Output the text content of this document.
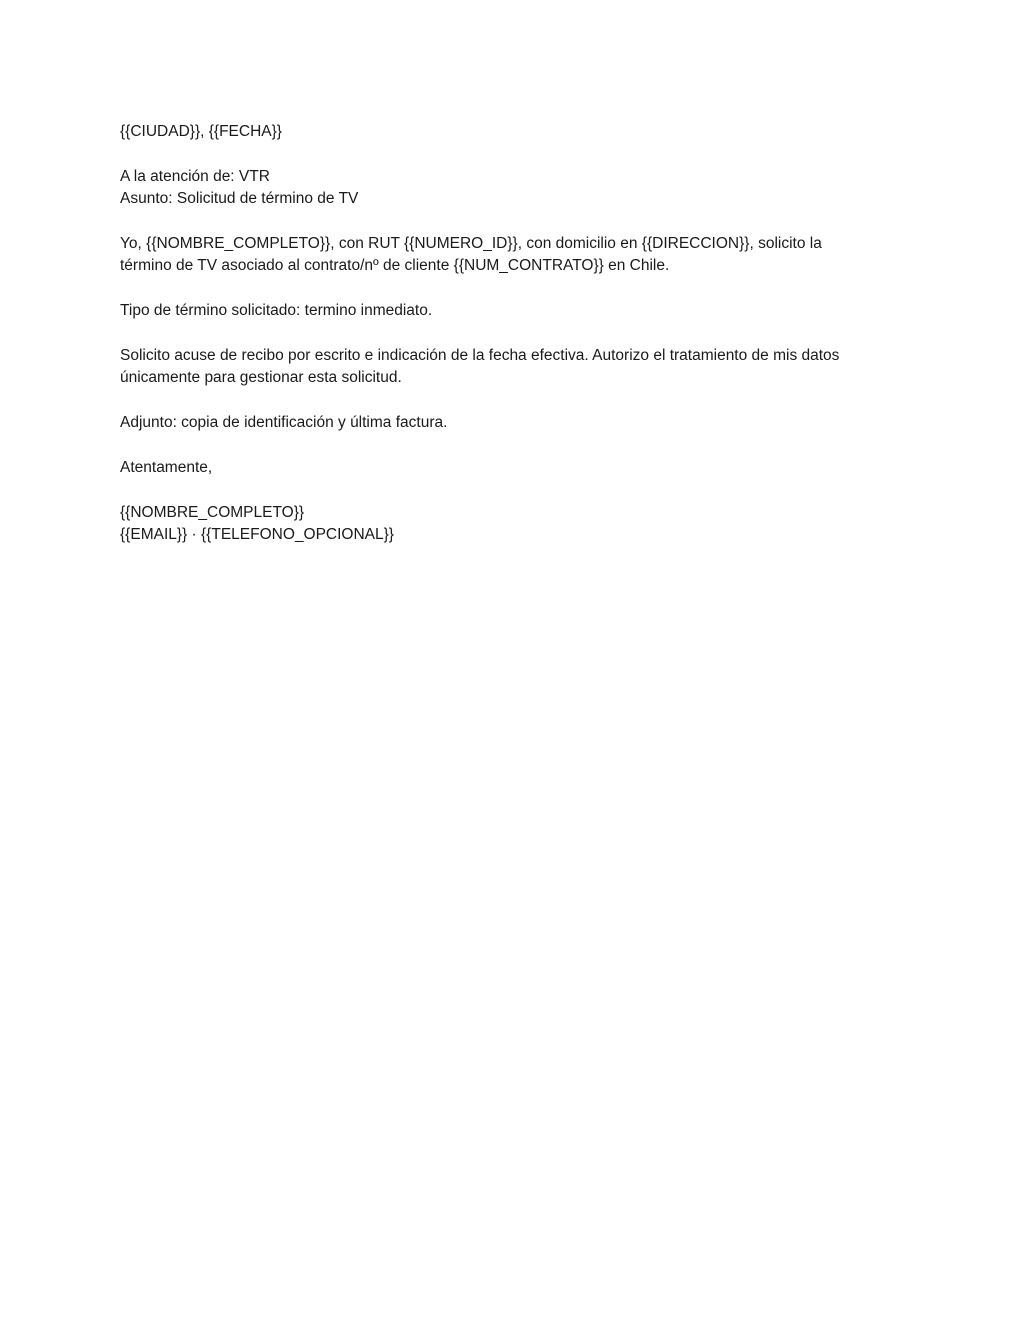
{{CIUDAD}}, {{FECHA}}

A la atención de: VTR
Asunto: Solicitud de término de TV

Yo, {{NOMBRE_COMPLETO}}, con RUT {{NUMERO_ID}}, con domicilio en {{DIRECCION}}, solicito la
término de TV asociado al contrato/nº de cliente {{NUM_CONTRATO}} en Chile.

Tipo de término solicitado: termino inmediato.

Solicito acuse de recibo por escrito e indicación de la fecha efectiva. Autorizo el tratamiento de mis datos
únicamente para gestionar esta solicitud.

Adjunto: copia de identificación y última factura.

Atentamente,

{{NOMBRE_COMPLETO}}
{{EMAIL}} · {{TELEFONO_OPCIONAL}}
